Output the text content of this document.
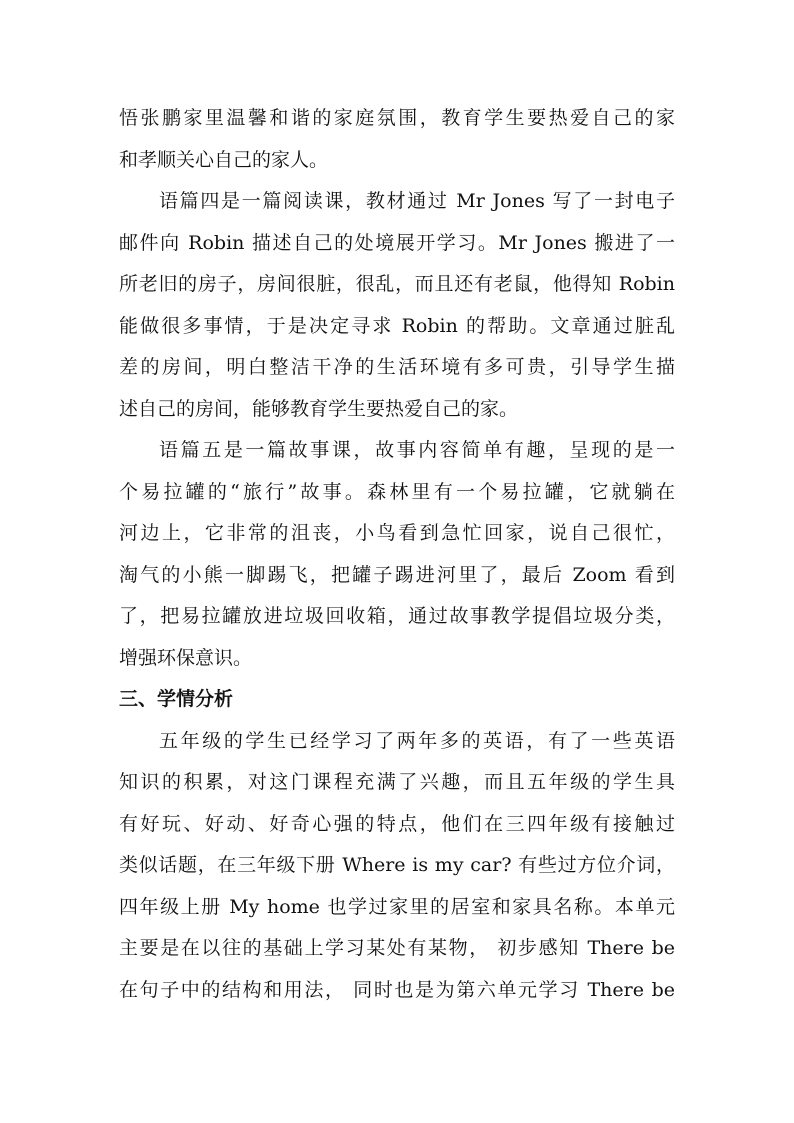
悟张鹏家里温馨和谐的家庭氛围，教育学生要热爱自己的家
和孝顺关心自己的家人。
语篇四是一篇阅读课，教材通过 Mr Jones 写了一封电子
邮件向 Robin 描述自己的处境展开学习。Mr Jones 搬进了一
所老旧的房子，房间很脏，很乱，而且还有老鼠，他得知 Robin
能做很多事情，于是决定寻求 Robin 的帮助。文章通过脏乱
差的房间，明白整洁干净的生活环境有多可贵，引导学生描
述自己的房间，能够教育学生要热爱自己的家。
语篇五是一篇故事课，故事内容简单有趣，呈现的是一
个易拉罐的“旅行”故事。森林里有一个易拉罐，它就躺在
河边上，它非常的沮丧，小鸟看到急忙回家，说自己很忙，
淘气的小熊一脚踢飞，把罐子踢进河里了，最后 Zoom 看到
了，把易拉罐放进垃圾回收箱，通过故事教学提倡垃圾分类，
增强环保意识。
三、学情分析
五年级的学生已经学习了两年多的英语，有了一些英语
知识的积累，对这门课程充满了兴趣，而且五年级的学生具
有好玩、好动、好奇心强的特点，他们在三四年级有接触过
类似话题，在三年级下册 Where is my car? 有些过方位介词，
四年级上册 My home 也学过家里的居室和家具名称。本单元
主要是在以往的基础上学习某处有某物， 初步感知 There be
在句子中的结构和用法， 同时也是为第六单元学习 There be
